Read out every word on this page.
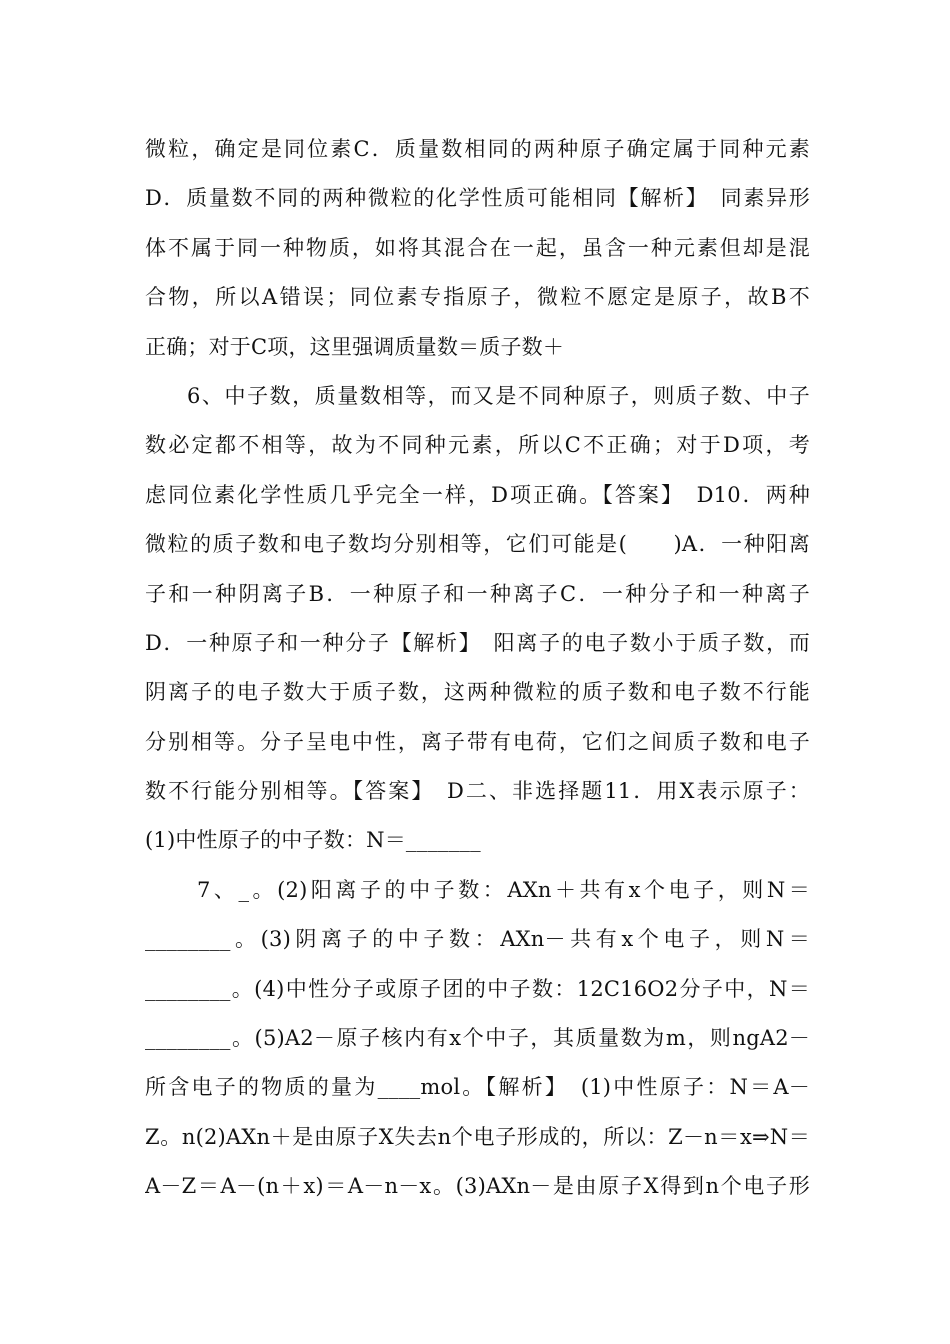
微粒，确定是同位素C．质量数相同的两种原子确定属于同种元素
D．质量数不同的两种微粒的化学性质可能相同【解析】　同素异形
体不属于同一种物质，如将其混合在一起，虽含一种元素但却是混
合物，所以A错误；同位素专指原子，微粒不愿定是原子，故B不
正确；对于C项，这里强调质量数＝质子数＋
6、中子数，质量数相等，而又是不同种原子，则质子数、中子
数必定都不相等，故为不同种元素，所以C不正确；对于D项，考
虑同位素化学性质几乎完全一样，D项正确。【答案】　D10．两种
微粒的质子数和电子数均分别相等，它们可能是(　　)A．一种阳离
子和一种阴离子B．一种原子和一种离子C．一种分子和一种离子
D．一种原子和一种分子【解析】　阳离子的电子数小于质子数，而
阴离子的电子数大于质子数，这两种微粒的质子数和电子数不行能
分别相等。分子呈电中性，离子带有电荷，它们之间质子数和电子
数不行能分别相等。【答案】　D二、非选择题11．用X表示原子：
(1)中性原子的中子数：N＝_______
7、_。(2)阳离子的中子数：AXn＋共有x个电子，则N＝
________。(3)阴离子的中子数：AXn－共有x个电子，则N＝
________。(4)中性分子或原子团的中子数：12C16O2分子中，N＝
________。(5)A2－原子核内有x个中子，其质量数为m，则ngA2－
所含电子的物质的量为____mol。【解析】　(1)中性原子：N＝A－
Z。n(2)AXn＋是由原子X失去n个电子形成的，所以：Z－n＝x⇒N＝
A－Z＝A－(n＋x)＝A－n－x。(3)AXn－是由原子X得到n个电子形
